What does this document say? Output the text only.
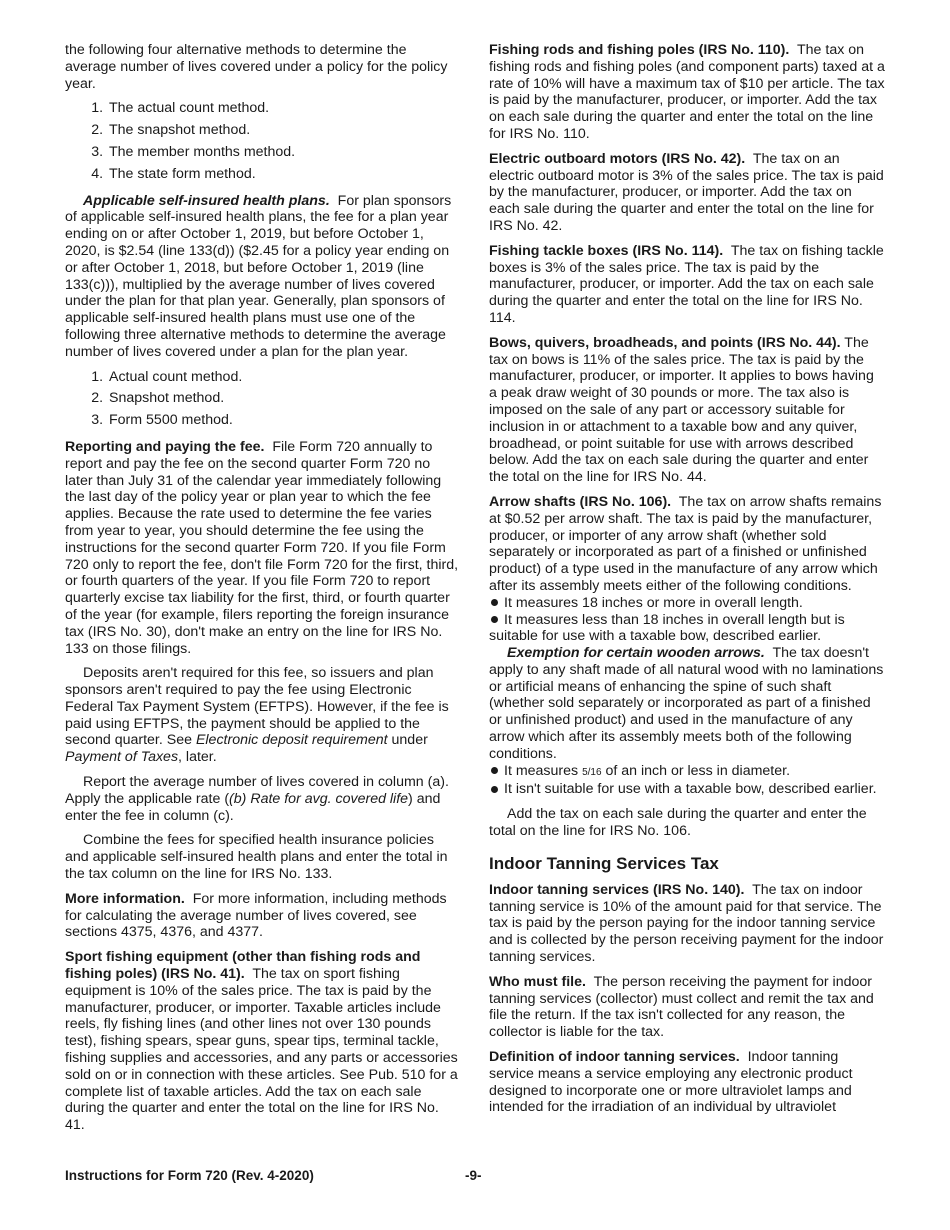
the following four alternative methods to determine the average number of lives covered under a policy for the policy year.

1. The actual count method.
2. The snapshot method.
3. The member months method.
4. The state form method.

Applicable self-insured health plans. For plan sponsors of applicable self-insured health plans, the fee for a plan year ending on or after October 1, 2019, but before October 1, 2020, is $2.54 (line 133(d)) ($2.45 for a policy year ending on or after October 1, 2018, but before October 1, 2019 (line 133(c))), multiplied by the average number of lives covered under the plan for that plan year. Generally, plan sponsors of applicable self-insured health plans must use one of the following three alternative methods to determine the average number of lives covered under a plan for the plan year.

1. Actual count method.
2. Snapshot method.
3. Form 5500 method.

Reporting and paying the fee. File Form 720 annually to report and pay the fee on the second quarter Form 720 no later than July 31 of the calendar year immediately following the last day of the policy year or plan year to which the fee applies. Because the rate used to determine the fee varies from year to year, you should determine the fee using the instructions for the second quarter Form 720. If you file Form 720 only to report the fee, don't file Form 720 for the first, third, or fourth quarters of the year. If you file Form 720 to report quarterly excise tax liability for the first, third, or fourth quarter of the year (for example, filers reporting the foreign insurance tax (IRS No. 30), don't make an entry on the line for IRS No. 133 on those filings.

Deposits aren't required for this fee, so issuers and plan sponsors aren't required to pay the fee using Electronic Federal Tax Payment System (EFTPS). However, if the fee is paid using EFTPS, the payment should be applied to the second quarter. See Electronic deposit requirement under Payment of Taxes, later.

Report the average number of lives covered in column (a). Apply the applicable rate ((b) Rate for avg. covered life) and enter the fee in column (c).

Combine the fees for specified health insurance policies and applicable self-insured health plans and enter the total in the tax column on the line for IRS No. 133.

More information. For more information, including methods for calculating the average number of lives covered, see sections 4375, 4376, and 4377.

Sport fishing equipment (other than fishing rods and fishing poles) (IRS No. 41). The tax on sport fishing equipment is 10% of the sales price. The tax is paid by the manufacturer, producer, or importer. Taxable articles include reels, fly fishing lines (and other lines not over 130 pounds test), fishing spears, spear guns, spear tips, terminal tackle, fishing supplies and accessories, and any parts or accessories sold on or in connection with these articles. See Pub. 510 for a complete list of taxable articles. Add the tax on each sale during the quarter and enter the total on the line for IRS No. 41.

Fishing rods and fishing poles (IRS No. 110). The tax on fishing rods and fishing poles (and component parts) taxed at a rate of 10% will have a maximum tax of $10 per article. The tax is paid by the manufacturer, producer, or importer. Add the tax on each sale during the quarter and enter the total on the line for IRS No. 110.

Electric outboard motors (IRS No. 42). The tax on an electric outboard motor is 3% of the sales price. The tax is paid by the manufacturer, producer, or importer. Add the tax on each sale during the quarter and enter the total on the line for IRS No. 42.

Fishing tackle boxes (IRS No. 114). The tax on fishing tackle boxes is 3% of the sales price. The tax is paid by the manufacturer, producer, or importer. Add the tax on each sale during the quarter and enter the total on the line for IRS No. 114.

Bows, quivers, broadheads, and points (IRS No. 44). The tax on bows is 11% of the sales price. The tax is paid by the manufacturer, producer, or importer. It applies to bows having a peak draw weight of 30 pounds or more. The tax also is imposed on the sale of any part or accessory suitable for inclusion in or attachment to a taxable bow and any quiver, broadhead, or point suitable for use with arrows described below. Add the tax on each sale during the quarter and enter the total on the line for IRS No. 44.

Arrow shafts (IRS No. 106). The tax on arrow shafts remains at $0.52 per arrow shaft. The tax is paid by the manufacturer, producer, or importer of any arrow shaft (whether sold separately or incorporated as part of a finished or unfinished product) of a type used in the manufacture of any arrow which after its assembly meets either of the following conditions.

It measures 18 inches or more in overall length.
It measures less than 18 inches in overall length but is suitable for use with a taxable bow, described earlier.

Exemption for certain wooden arrows. The tax doesn't apply to any shaft made of all natural wood with no laminations or artificial means of enhancing the spine of such shaft (whether sold separately or incorporated as part of a finished or unfinished product) and used in the manufacture of any arrow which after its assembly meets both of the following conditions.

It measures 5/16 of an inch or less in diameter.
It isn't suitable for use with a taxable bow, described earlier.

Add the tax on each sale during the quarter and enter the total on the line for IRS No. 106.

Indoor Tanning Services Tax

Indoor tanning services (IRS No. 140). The tax on indoor tanning service is 10% of the amount paid for that service. The tax is paid by the person paying for the indoor tanning service and is collected by the person receiving payment for the indoor tanning services.

Who must file. The person receiving the payment for indoor tanning services (collector) must collect and remit the tax and file the return. If the tax isn't collected for any reason, the collector is liable for the tax.

Definition of indoor tanning services. Indoor tanning service means a service employing any electronic product designed to incorporate one or more ultraviolet lamps and intended for the irradiation of an individual by ultraviolet

Instructions for Form 720 (Rev. 4-2020)	-9-
